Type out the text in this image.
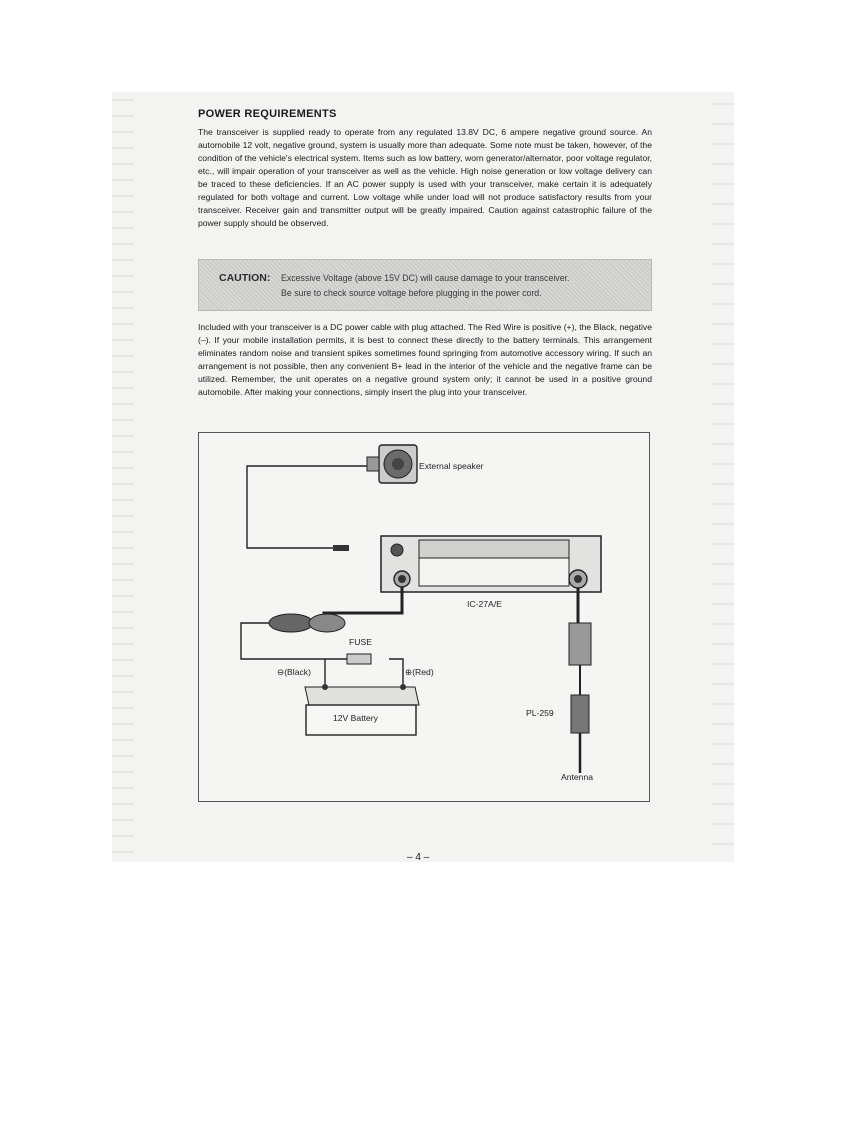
POWER REQUIREMENTS

The transceiver is supplied ready to operate from any regulated 13.8V DC, 6 ampere negative ground source. An automobile 12 volt, negative ground, system is usually more than adequate. Some note must be taken, however, of the condition of the vehicle's electrical system. Items such as low battery, worn generator/alternator, poor voltage regulator, etc., will impair operation of your transceiver as well as the vehicle. High noise generation or low voltage delivery can be traced to these deficiencies. If an AC power supply is used with your transceiver, make certain it is adequately regulated for both voltage and current. Low voltage while under load will not produce satisfactory results from your transceiver. Receiver gain and transmitter output will be greatly impaired. Caution against catastrophic failure of the power supply should be observed.

CAUTION: Excessive Voltage (above 15V DC) will cause damage to your transceiver.
Be sure to check source voltage before plugging in the power cord.

Included with your transceiver is a DC power cable with plug attached. The Red Wire is positive (+), the Black, negative (–). If your mobile installation permits, it is best to connect these directly to the battery terminals. This arrangement eliminates random noise and transient spikes sometimes found springing from automotive accessory wiring. If such an arrangement is not possible, then any convenient B+ lead in the interior of the vehicle and the negative frame can be utilized. Remember, the unit operates on a negative ground system only; it cannot be used in a positive ground automobile. After making your connections, simply insert the plug into your transceiver.

External speaker
IC-27A/E
FUSE
⊖(Black)	⊕(Red)
12V Battery	PL-259
Antenna
– 4 –
